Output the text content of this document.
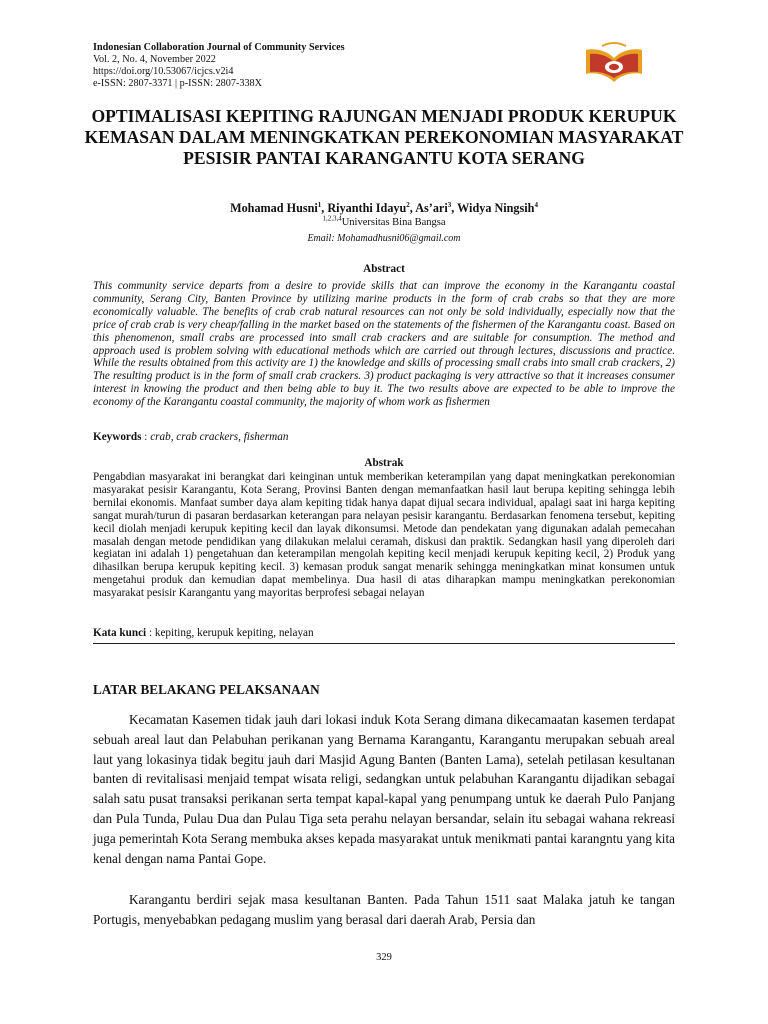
Indonesian Collaboration Journal of Community Services
Vol. 2, No. 4, November 2022
https://doi.org/10.53067/icjcs.v2i4
e-ISSN: 2807-3371 | p-ISSN: 2807-338X
OPTIMALISASI KEPITING RAJUNGAN MENJADI PRODUK KERUPUK KEMASAN DALAM MENINGKATKAN PEREKONOMIAN MASYARAKAT PESISIR PANTAI KARANGANTU KOTA SERANG
Mohamad Husni$^1$, Riyanthi Idayu$^2$, As’ari$^3$, Widya Ningsih$^4$
$^{1,2,3,4}$Universitas Bina Bangsa
Email: Mohamadhusni06@gmail.com
Abstract
This community service departs from a desire to provide skills that can improve the economy in the Karangantu coastal community, Serang City, Banten Province by utilizing marine products in the form of crab crabs so that they are more economically valuable. The benefits of crab crab natural resources can not only be sold individually, especially now that the price of crab crab is very cheap/falling in the market based on the statements of the fishermen of the Karangantu coast. Based on this phenomenon, small crabs are processed into small crab crackers and are suitable for consumption. The method and approach used is problem solving with educational methods which are carried out through lectures, discussions and practice. While the results obtained from this activity are 1) the knowledge and skills of processing small crabs into small crab crackers, 2) The resulting product is in the form of small crab crackers. 3) product packaging is very attractive so that it increases consumer interest in knowing the product and then being able to buy it. The two results above are expected to be able to improve the economy of the Karangantu coastal community, the majority of whom work as fishermen
Keywords : crab, crab crackers, fisherman
Abstrak
Pengabdian masyarakat ini berangkat dari keinginan untuk memberikan keterampilan yang dapat meningkatkan perekonomian masyarakat pesisir Karangantu, Kota Serang, Provinsi Banten dengan memanfaatkan hasil laut berupa kepiting sehingga lebih bernilai ekonomis. Manfaat sumber daya alam kepiting tidak hanya dapat dijual secara individual, apalagi saat ini harga kepiting sangat murah/turun di pasaran berdasarkan keterangan para nelayan pesisir karangantu. Berdasarkan fenomena tersebut, kepiting kecil diolah menjadi kerupuk kepiting kecil dan layak dikonsumsi. Metode dan pendekatan yang digunakan adalah pemecahan masalah dengan metode pendidikan yang dilakukan melalui ceramah, diskusi dan praktik. Sedangkan hasil yang diperoleh dari kegiatan ini adalah 1) pengetahuan dan keterampilan mengolah kepiting kecil menjadi kerupuk kepiting kecil, 2) Produk yang dihasilkan berupa kerupuk kepiting kecil. 3) kemasan produk sangat menarik sehingga meningkatkan minat konsumen untuk mengetahui produk dan kemudian dapat membelinya. Dua hasil di atas diharapkan mampu meningkatkan perekonomian masyarakat pesisir Karangantu yang mayoritas berprofesi sebagai nelayan
Kata kunci : kepiting, kerupuk kepiting, nelayan
LATAR BELAKANG PELAKSANAAN
Kecamatan Kasemen tidak jauh dari lokasi induk Kota Serang dimana dikecamaatan kasemen terdapat sebuah areal laut dan Pelabuhan perikanan yang Bernama Karangantu, Karangantu merupakan sebuah areal laut yang lokasinya tidak begitu jauh dari Masjid Agung Banten (Banten Lama), setelah petilasan kesultanan banten di revitalisasi menjaid tempat wisata religi, sedangkan untuk pelabuhan Karangantu dijadikan sebagai salah satu pusat transaksi perikanan serta tempat kapal-kapal yang penumpang untuk ke daerah Pulo Panjang dan Pula Tunda, Pulau Dua dan Pulau Tiga seta perahu nelayan bersandar, selain itu sebagai wahana rekreasi juga pemerintah Kota Serang membuka akses kepada masyarakat untuk menikmati pantai karangntu yang kita kenal dengan nama Pantai Gope.
Karangantu berdiri sejak masa kesultanan Banten. Pada Tahun 1511 saat Malaka jatuh ke tangan Portugis, menyebabkan pedagang muslim yang berasal dari daerah Arab, Persia dan
329
